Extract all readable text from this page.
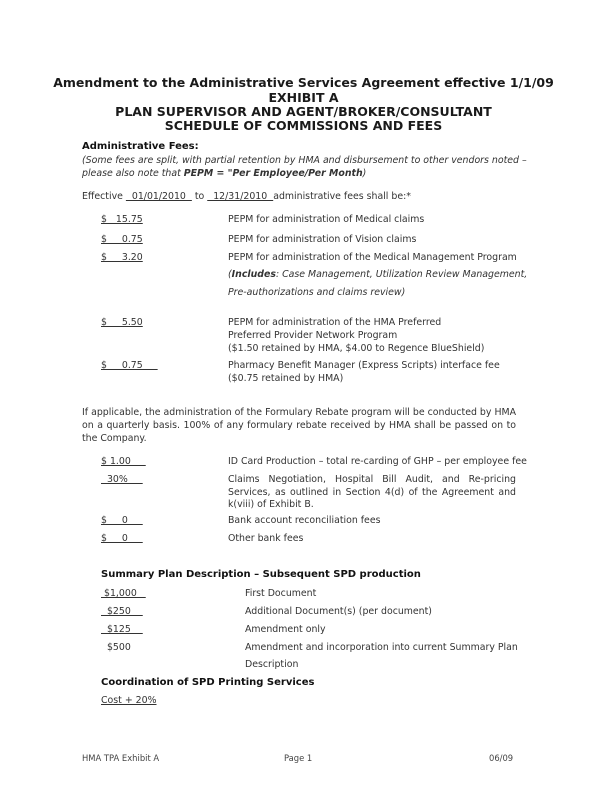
Amendment to the Administrative Services Agreement effective 1/1/09
EXHIBIT A
PLAN SUPERVISOR AND AGENT/BROKER/CONSULTANT
SCHEDULE OF COMMISSIONS AND FEES
Administrative Fees:
(Some fees are split, with partial retention by HMA and disbursement to other vendors noted –
please also note that PEPM = "Per Employee/Per Month)
Effective   01/01/2010   to   12/31/2010  administrative fees shall be:*
$   15.75	PEPM for administration of Medical claims
$     0.75	PEPM for administration of Vision claims
$     3.20	PEPM for administration of the Medical Management Program
(Includes: Case Management, Utilization Review Management,
Pre-authorizations and claims review)
$     5.50	PEPM for administration of the HMA Preferred
Preferred Provider Network Program
($1.50 retained by HMA, $4.00 to Regence BlueShield)
$     0.75	Pharmacy Benefit Manager (Express Scripts) interface fee
($0.75 retained by HMA)
If applicable, the administration of the Formulary Rebate program will be conducted by HMA on a quarterly basis. 100% of any formulary rebate received by HMA shall be passed on to the Company.
$ 1.00	ID Card Production – total re-carding of GHP – per employee fee
30%	Claims Negotiation, Hospital Bill Audit, and Re-pricing Services, as outlined in Section 4(d) of the Agreement and k(viii) of Exhibit B.
$     0	Bank account reconciliation fees
$     0	Other bank fees
Summary Plan Description – Subsequent SPD production
$1,000	First Document
$250	Additional Document(s) (per document)
$125	Amendment only
$500	Amendment and incorporation into current Summary Plan
Description
Coordination of SPD Printing Services
Cost + 20%
HMA TPA Exhibit A	Page 1	06/09
